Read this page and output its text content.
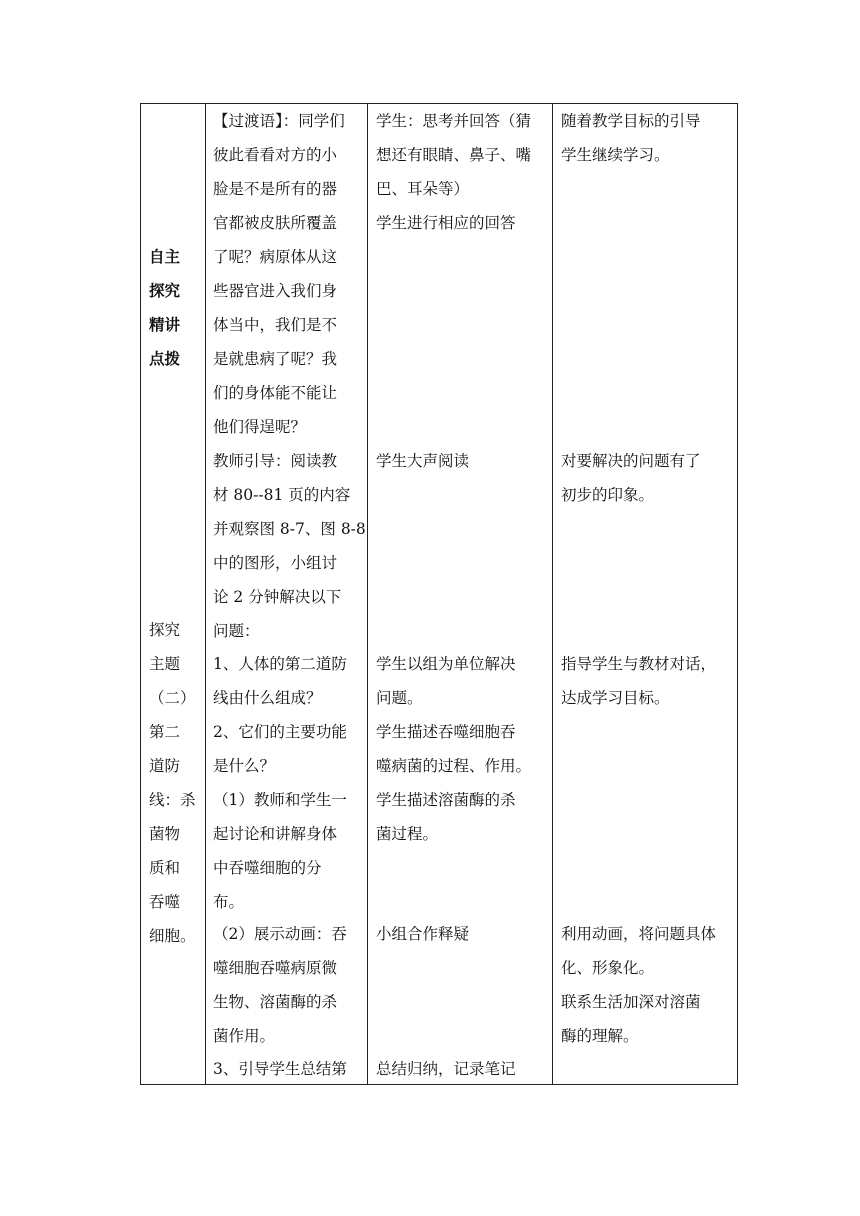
自主
探究
精讲
点拨
探究
主题
（二）
第二
道防
线：杀
菌物
质和
吞噬
细胞。
【过渡语】：同学们
彼此看看对方的小
脸是不是所有的器
官都被皮肤所覆盖
了呢？病原体从这
些器官进入我们身
体当中，我们是不
是就患病了呢？我
们的身体能不能让
他们得逞呢？
教师引导：阅读教
材 80--81 页的内容
并观察图 8-7、图 8-8
中的图形，小组讨
论 2 分钟解决以下
问题：
1、人体的第二道防
线由什么组成？
2、它们的主要功能
是什么？
（1）教师和学生一
起讨论和讲解身体
中吞噬细胞的分
布。
（2）展示动画：吞
噬细胞吞噬病原微
生物、溶菌酶的杀
菌作用。
3、引导学生总结第
学生：思考并回答（猜
想还有眼睛、鼻子、嘴
巴、耳朵等）
学生进行相应的回答
学生大声阅读
学生以组为单位解决
问题。
学生描述吞噬细胞吞
噬病菌的过程、作用。
学生描述溶菌酶的杀
菌过程。
小组合作释疑
总结归纳，记录笔记
随着教学目标的引导
学生继续学习。
对要解决的问题有了
初步的印象。
指导学生与教材对话，
达成学习目标。
利用动画，将问题具体
化、形象化。
联系生活加深对溶菌
酶的理解。
